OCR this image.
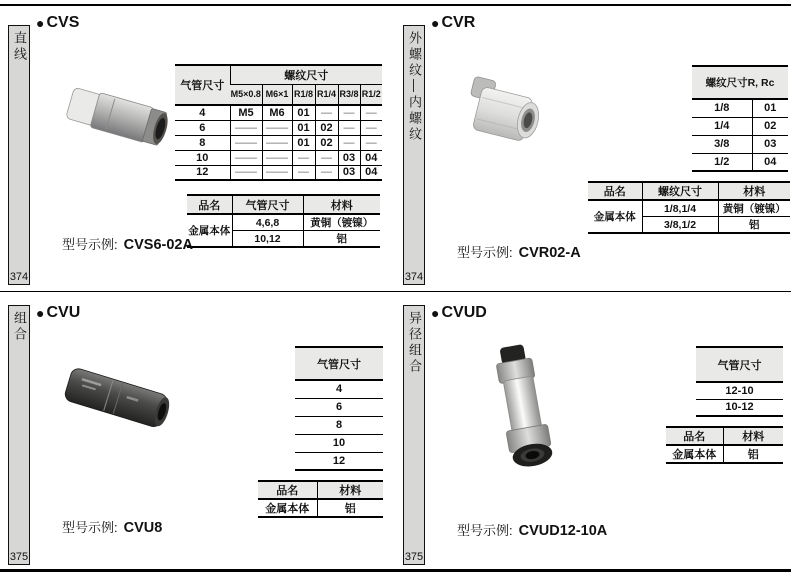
直线
374
● CVS
气管尺寸	螺纹尺寸					
	M5×0.8	M6×1	R1/8	R1/4	R3/8	R1/2
4	M5	M6	01	—	—	—
6	——	——	01	02	—	—
8	——	——	01	02	—	—
10	——	——	—	—	03	04
12	——	——	—	—	03	04
品名	气管尺寸	材料
金属本体	4,6,8	黄铜（镀镍）
	10,12	铝

型号示例: CVS6-02A

外螺纹—内螺纹
374
● CVR
螺纹尺寸R, Rc	
1/8	01
1/4	02
3/8	03
1/2	04
品名	螺纹尺寸	材料
金属本体	1/8,1/4	黄铜（镀镍）
	3/8,1/2	铝

型号示例: CVR02-A

组合
375
● CVU
气管尺寸
4
6
8
10
12
品名	材料
金属本体	铝

型号示例: CVU8

异径组合
375
● CVUD
气管尺寸
12-10
10-12
品名	材料
金属本体	铝

型号示例: CVUD12-10A
